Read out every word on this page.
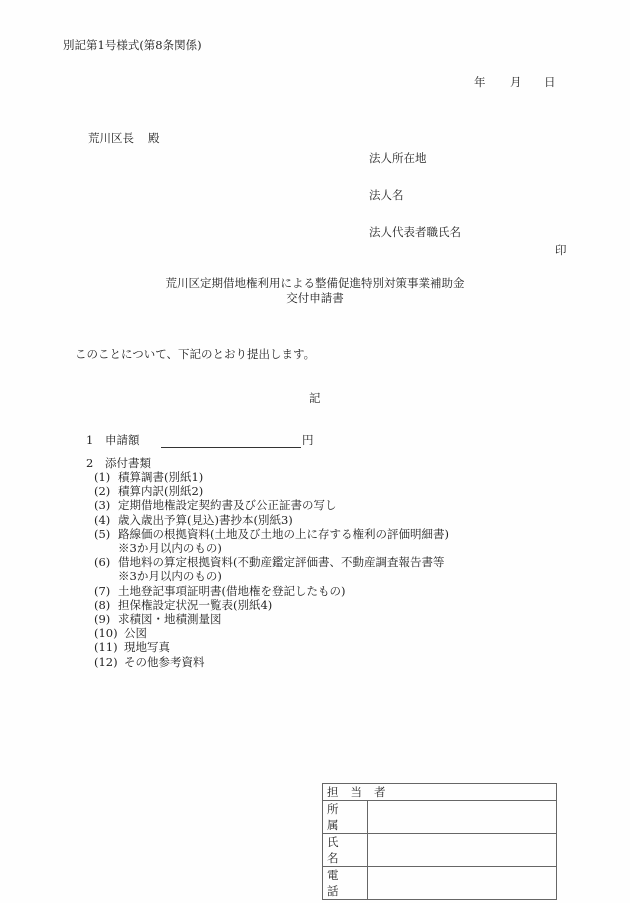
別記第1号様式(第8条関係)
年 月 日
荒川区長 殿
法人所在地
法人名
法人代表者職氏名
印
荒川区定期借地権利用による整備促進特別対策事業補助金
交付申請書
このことについて、下記のとおり提出します。
記
1 申請額	円
2 添付書類
(1) 積算調書(別紙1)
(2) 積算内訳(別紙2)
(3) 定期借地権設定契約書及び公正証書の写し
(4) 歳入歳出予算(見込)書抄本(別紙3)
(5) 路線価の根拠資料(土地及び土地の上に存する権利の評価明細書)
※3か月以内のもの)
(6) 借地料の算定根拠資料(不動産鑑定評価書、不動産調査報告書等
※3か月以内のもの)
(7) 土地登記事項証明書(借地権を登記したもの)
(8) 担保権設定状況一覧表(別紙4)
(9) 求積図・地積測量図
(10) 公図
(11) 現地写真
(12) その他参考資料
担当者	
所属	
氏名	
電話	
